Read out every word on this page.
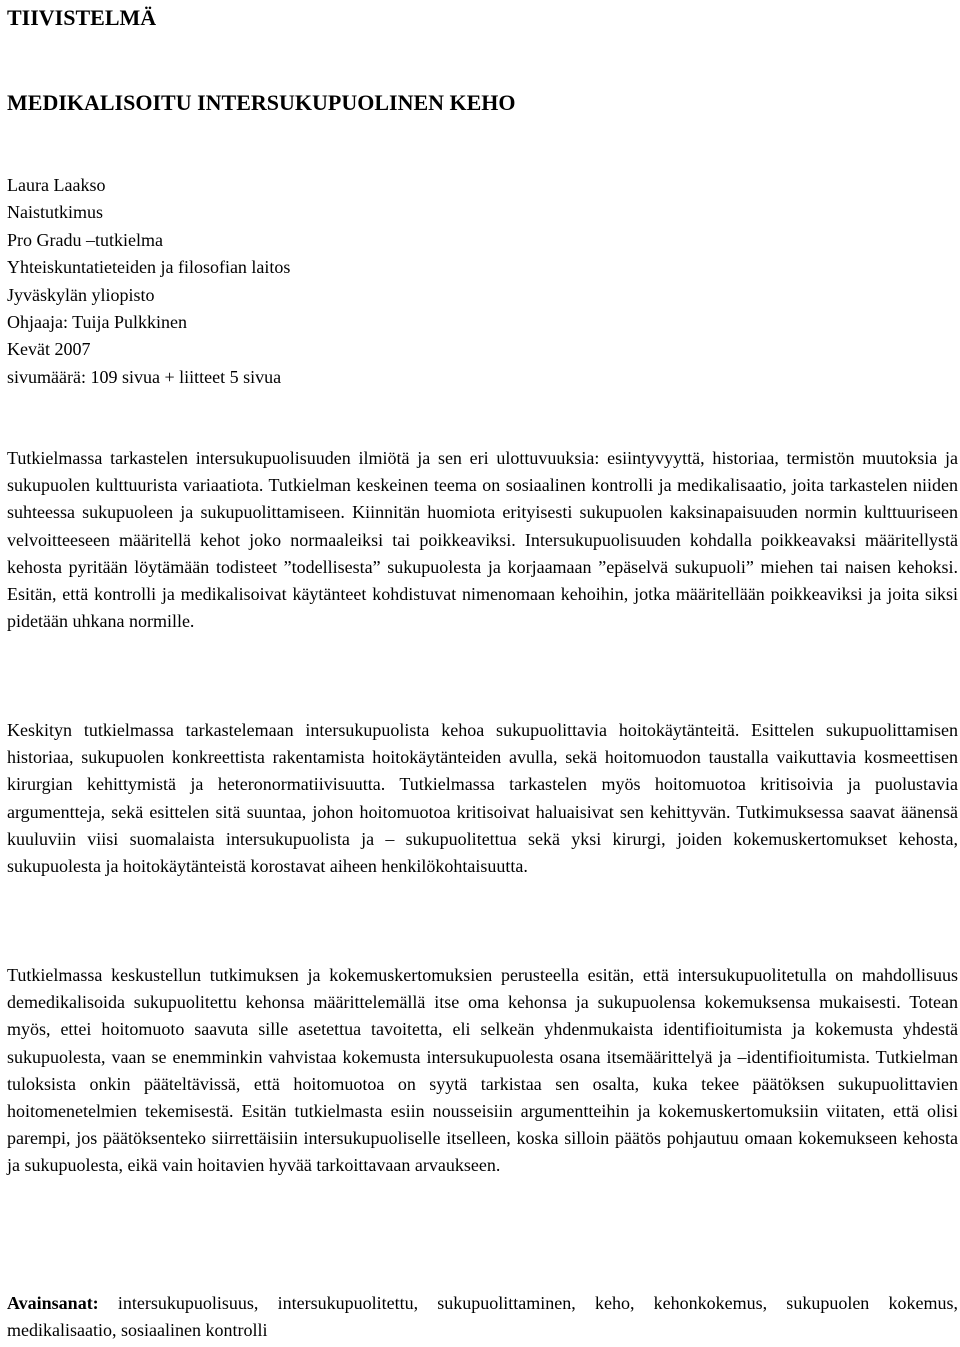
TIIVISTELMÄ
MEDIKALISOITU INTERSUKUPUOLINEN KEHO
Laura Laakso
Naistutkimus
Pro Gradu –tutkielma
Yhteiskuntatieteiden ja filosofian laitos
Jyväskylän yliopisto
Ohjaaja: Tuija Pulkkinen
Kevät 2007
sivumäärä: 109 sivua + liitteet 5 sivua

Tutkielmassa tarkastelen intersukupuolisuuden ilmiötä ja sen eri ulottuvuuksia: esiintyvyyttä, historiaa, termistön muutoksia ja sukupuolen kulttuurista variaatiota. Tutkielman keskeinen teema on sosiaalinen kontrolli ja medikalisaatio, joita tarkastelen niiden suhteessa sukupuoleen ja sukupuolittamiseen. Kiinnitän huomiota erityisesti sukupuolen kaksinapaisuuden normin kulttuuriseen velvoitteeseen määritellä kehot joko normaaleiksi tai poikkeaviksi. Intersukupuolisuuden kohdalla poikkeavaksi määritellystä kehosta pyritään löytämään todisteet ”todellisesta” sukupuolesta ja korjaamaan ”epäselvä sukupuoli” miehen tai naisen kehoksi. Esitän, että kontrolli ja medikalisoivat käytänteet kohdistuvat nimenomaan kehoihin, jotka määritellään poikkeaviksi ja joita siksi pidetään uhkana normille.

Keskityn tutkielmassa tarkastelemaan intersukupuolista kehoa sukupuolittavia hoitokäytänteitä. Esittelen sukupuolittamisen historiaa, sukupuolen konkreettista rakentamista hoitokäytänteiden avulla, sekä hoitomuodon taustalla vaikuttavia kosmeettisen kirurgian kehittymistä ja heteronormatiivisuutta. Tutkielmassa tarkastelen myös hoitomuotoa kritisoivia ja puolustavia argumentteja, sekä esittelen sitä suuntaa, johon hoitomuotoa kritisoivat haluaisivat sen kehittyvän. Tutkimuksessa saavat äänensä kuuluviin viisi suomalaista intersukupuolista ja – sukupuolitettua sekä yksi kirurgi, joiden kokemuskertomukset kehosta, sukupuolesta ja hoitokäytänteistä korostavat aiheen henkilökohtaisuutta.

Tutkielmassa keskustellun tutkimuksen ja kokemuskertomuksien perusteella esitän, että intersukupuolitetulla on mahdollisuus demedikalisoida sukupuolitettu kehonsa määrittelemällä itse oma kehonsa ja sukupuolensa kokemuksensa mukaisesti. Totean myös, ettei hoitomuoto saavuta sille asetettua tavoitetta, eli selkeän yhdenmukaista identifioitumista ja kokemusta yhdestä sukupuolesta, vaan se enemminkin vahvistaa kokemusta intersukupuolesta osana itsemäärittelyä ja –identifioitumista. Tutkielman tuloksista onkin pääteltävissä, että hoitomuotoa on syytä tarkistaa sen osalta, kuka tekee päätöksen sukupuolittavien hoitomenetelmien tekemisestä. Esitän tutkielmasta esiin nousseisiin argumentteihin ja kokemuskertomuksiin viitaten, että olisi parempi, jos päätöksenteko siirrettäisiin intersukupuoliselle itselleen, koska silloin päätös pohjautuu omaan kokemukseen kehosta ja sukupuolesta, eikä vain hoitavien hyvää tarkoittavaan arvaukseen.

Avainsanat: intersukupuolisuus, intersukupuolitettu, sukupuolittaminen, keho, kehonkokemus, sukupuolen kokemus, medikalisaatio, sosiaalinen kontrolli
